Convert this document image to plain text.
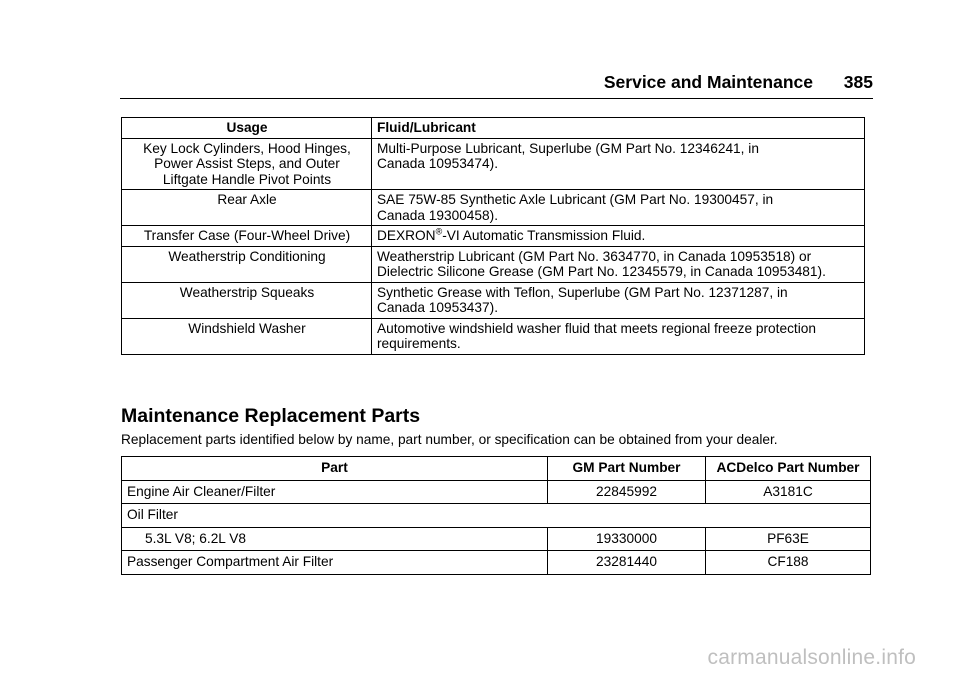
Service and Maintenance 385
Usage	Fluid/Lubricant

Key Lock Cylinders, Hood Hinges,
Power Assist Steps, and Outer
Liftgate Handle Pivot Points	Multi-Purpose Lubricant, Superlube (GM Part No. 12346241, in
Canada 10953474).

Rear Axle	SAE 75W-85 Synthetic Axle Lubricant (GM Part No. 19300457, in
Canada 19300458).

Transfer Case (Four-Wheel Drive)	DEXRON®-VI Automatic Transmission Fluid.
Weatherstrip Conditioning	Weatherstrip Lubricant (GM Part No. 3634770, in Canada 10953518) or
Dielectric Silicone Grease (GM Part No. 12345579, in Canada 10953481).

Weatherstrip Squeaks	Synthetic Grease with Teflon, Superlube (GM Part No. 12371287, in
Canada 10953437).

Windshield Washer	Automotive windshield washer fluid that meets regional freeze protection
requirements.
Maintenance Replacement Parts
Replacement parts identified below by name, part number, or specification can be obtained from your dealer.
Part	GM Part Number	ACDelco Part Number
Engine Air Cleaner/Filter	22845992	A3181C
Oil Filter		
5.3L V8; 6.2L V8	19330000	PF63E
Passenger Compartment Air Filter	23281440	CF188
carmanualsonline.info
